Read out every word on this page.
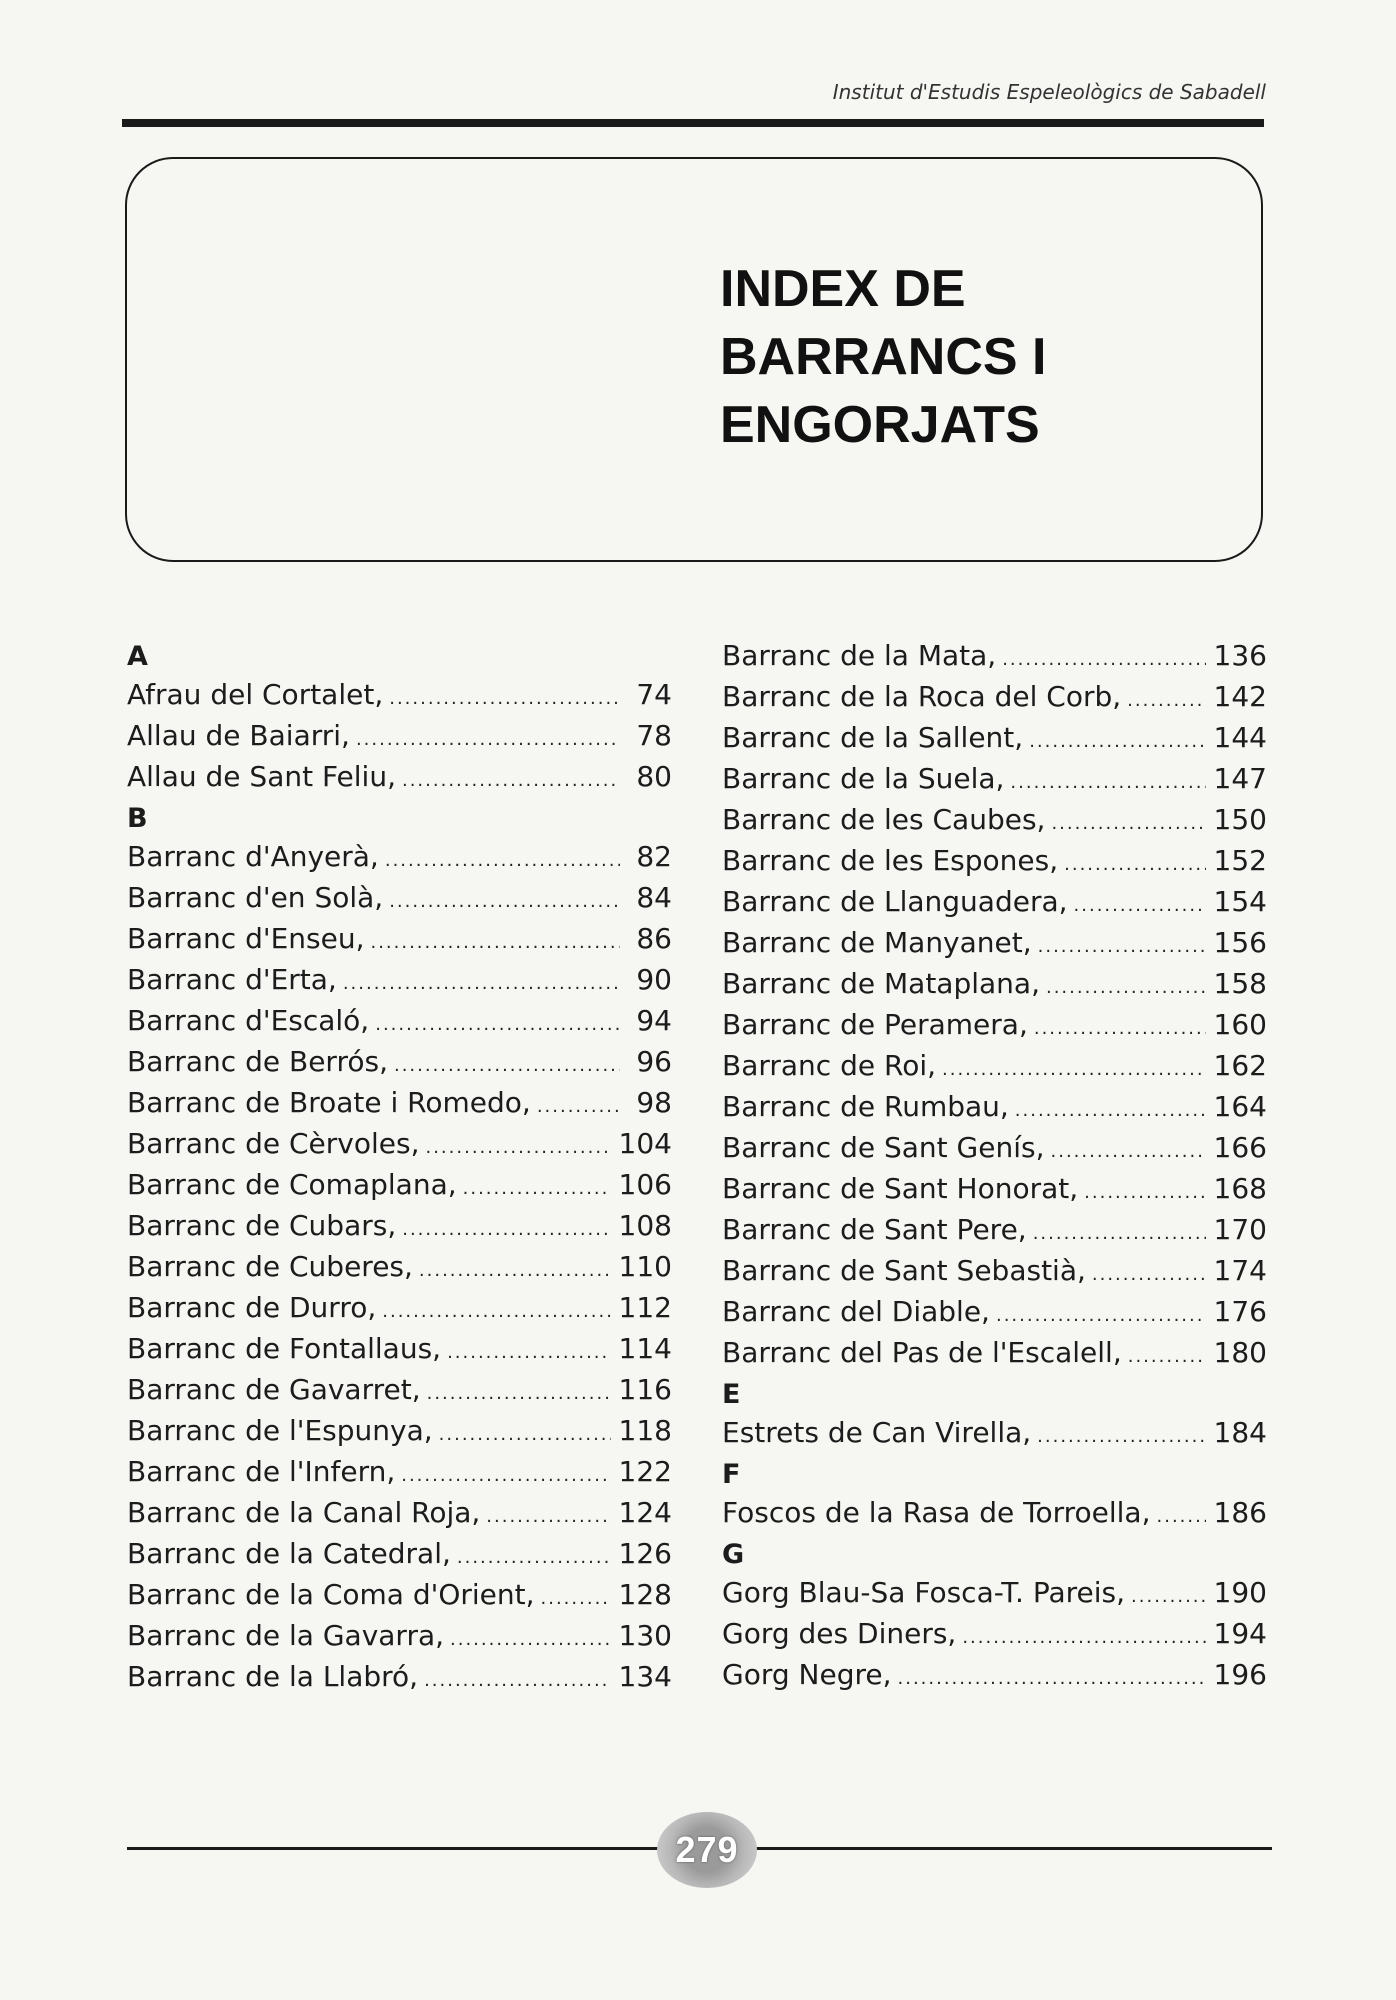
Institut d'Estudis Espeleològics de Sabadell
INDEX DE
BARRANCS I
ENGORJATS
A
Afrau del Cortalet, .....	74
Allau de Baiarri, .....	78
Allau de Sant Feliu, .....	80
B
Barranc d'Anyerà, .....	82
Barranc d'en Solà, .....	84
Barranc d'Enseu, .....	86
Barranc d'Erta, .....	90
Barranc d'Escaló, .....	94
Barranc de Berrós, .....	96
Barranc de Broate i Romedo, .....	98
Barranc de Cèrvoles, .....	104
Barranc de Comaplana, .....	106
Barranc de Cubars, .....	108
Barranc de Cuberes, .....	110
Barranc de Durro, .....	112
Barranc de Fontallaus, .....	114
Barranc de Gavarret, .....	116
Barranc de l'Espunya, .....	118
Barranc de l'Infern, .....	122
Barranc de la Canal Roja, .....	124
Barranc de la Catedral, .....	126
Barranc de la Coma d'Orient, .....	128
Barranc de la Gavarra, .....	130
Barranc de la Llabró, .....	134
Barranc de la Mata, .....	136
Barranc de la Roca del Corb, .....	142
Barranc de la Sallent, .....	144
Barranc de la Suela, .....	147
Barranc de les Caubes, .....	150
Barranc de les Espones, .....	152
Barranc de Llanguadera, .....	154
Barranc de Manyanet, .....	156
Barranc de Mataplana, .....	158
Barranc de Peramera, .....	160
Barranc de Roi, .....	162
Barranc de Rumbau, .....	164
Barranc de Sant Genís, .....	166
Barranc de Sant Honorat, .....	168
Barranc de Sant Pere, .....	170
Barranc de Sant Sebastià, .....	174
Barranc del Diable, .....	176
Barranc del Pas de l'Escalell, .....	180
E
Estrets de Can Virella, .....	184
F
Foscos de la Rasa de Torroella, ..... 186
G
Gorg Blau-Sa Fosca-T. Pareis, .....	190
Gorg des Diners, .....	194
Gorg Negre, .....	196
279
